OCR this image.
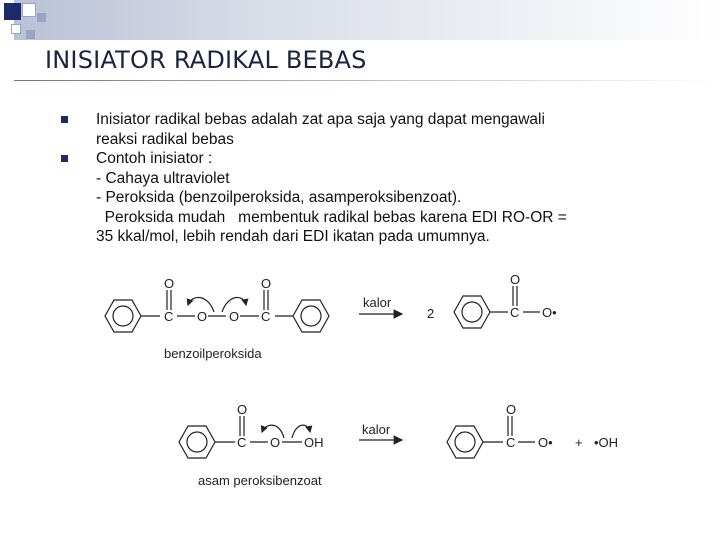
INISIATOR RADIKAL BEBAS
Inisiator radikal bebas adalah zat apa saja yang dapat mengawali
reaksi radikal bebas
Contoh inisiator :
- Cahaya ultraviolet
- Peroksida (benzoilperoksida, asamperoksibenzoat).
Peroksida mudah   membentuk radikal bebas karena EDI RO-OR =
35 kkal/mol, lebih rendah dari EDI ikatan pada umumnya.
O	O
C O O C
kalor
2
O
C O•
benzoilperoksida
O
C O OH
kalor
O
C O• + •OH
asam peroksibenzoat
